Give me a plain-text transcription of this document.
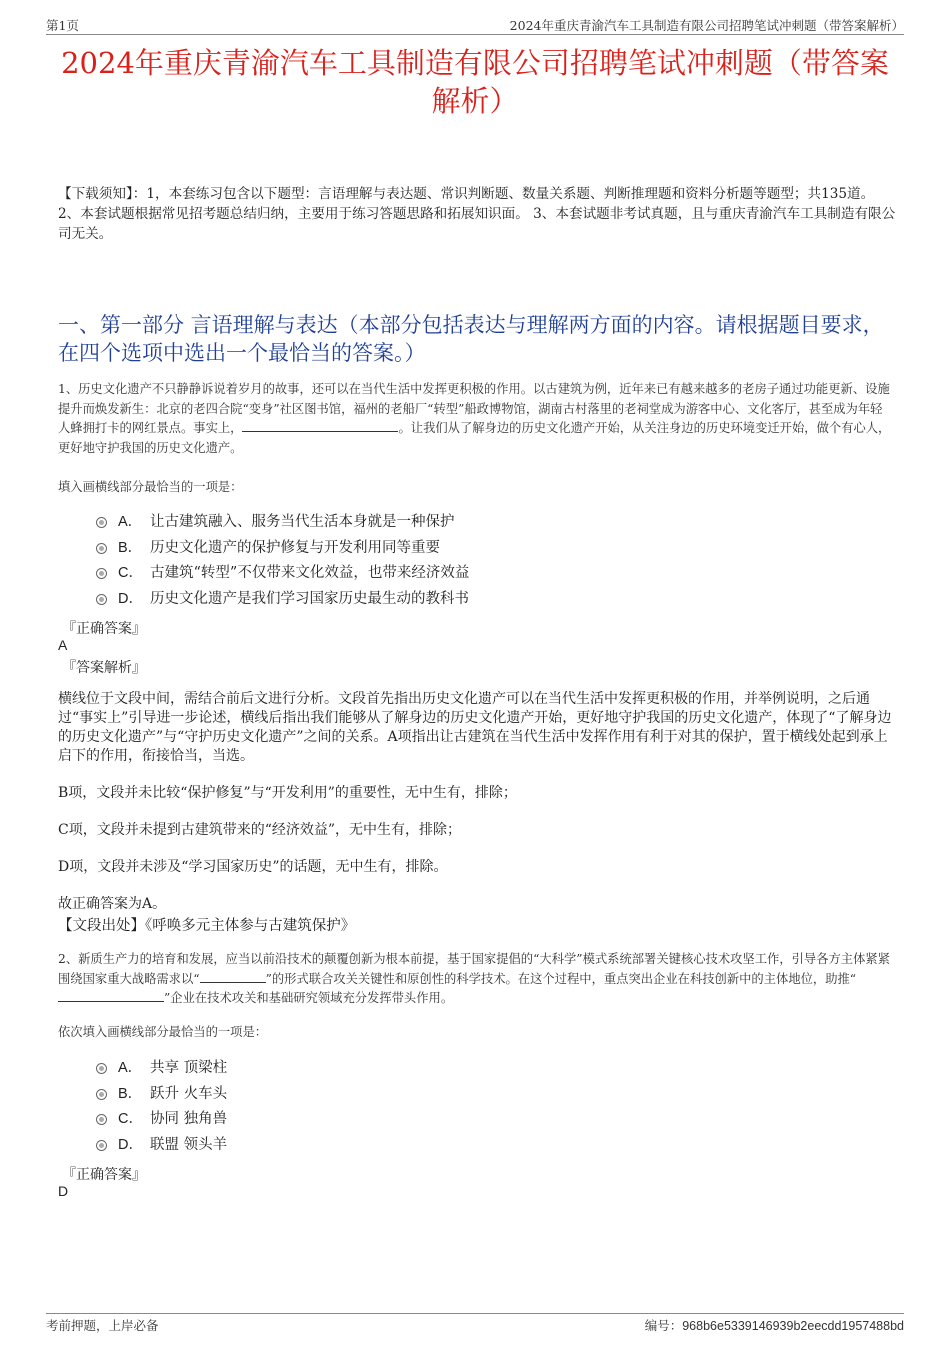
第1页	2024年重庆青渝汽车工具制造有限公司招聘笔试冲刺题（带答案解析）
2024年重庆青渝汽车工具制造有限公司招聘笔试冲刺题（带答案解析）
【下载须知】：1，本套练习包含以下题型：言语理解与表达题、常识判断题、数量关系题、判断推理题和资料分析题等题型；共135道。 2、本套试题根据常见招考题总结归纳，主要用于练习答题思路和拓展知识面。 3、本套试题非考试真题，且与重庆青渝汽车工具制造有限公司无关。
一、第一部分 言语理解与表达（本部分包括表达与理解两方面的内容。请根据题目要求，在四个选项中选出一个最恰当的答案。）
1、历史文化遗产不只静静诉说着岁月的故事，还可以在当代生活中发挥更积极的作用。以古建筑为例，近年来已有越来越多的老房子通过功能更新、设施提升而焕发新生：北京的老四合院“变身”社区图书馆，福州的老船厂“转型”船政博物馆，湖南古村落里的老祠堂成为游客中心、文化客厅，甚至成为年轻人蜂拥打卡的网红景点。事实上，	。让我们从了解身边的历史文化遗产开始，从关注身边的历史环境变迁开始，做个有心人，更好地守护我国的历史文化遗产。
填入画横线部分最恰当的一项是：
A． 让古建筑融入、服务当代生活本身就是一种保护
B． 历史文化遗产的保护修复与开发利用同等重要
C． 古建筑“转型”不仅带来文化效益，也带来经济效益
D． 历史文化遗产是我们学习国家历史最生动的教科书
『正确答案』
A
『答案解析』

横线位于文段中间，需结合前后文进行分析。文段首先指出历史文化遗产可以在当代生活中发挥更积极的作用，并举例说明，之后通过“事实上”引导进一步论述，横线后指出我们能够从了解身边的历史文化遗产开始，更好地守护我国的历史文化遗产，体现了“了解身边的历史文化遗产”与“守护历史文化遗产”之间的关系。A项指出让古建筑在当代生活中发挥作用有利于对其的保护，置于横线处起到承上启下的作用，衔接恰当，当选。

B项，文段并未比较“保护修复”与“开发利用”的重要性，无中生有，排除；

C项，文段并未提到古建筑带来的“经济效益”，无中生有，排除；

D项，文段并未涉及“学习国家历史”的话题，无中生有，排除。

故正确答案为A。

【文段出处】《呼唤多元主体参与古建筑保护》
2、新质生产力的培育和发展，应当以前沿技术的颠覆创新为根本前提，基于国家提倡的“大科学”模式系统部署关键核心技术攻坚工作，引导各方主体紧紧围绕国家重大战略需求以“	”的形式联合攻关关键性和原创性的科学技术。在这个过程中，重点突出企业在科技创新中的主体地位，助推“”企业在技术攻关和基础研究领域充分发挥带头作用。
依次填入画横线部分最恰当的一项是：
A． 共享 顶梁柱
B． 跃升 火车头
C． 协同 独角兽
D． 联盟 领头羊
『正确答案』
D
考前押题，上岸必备	编号：968b6e5339146939b2eecdd1957488bd
